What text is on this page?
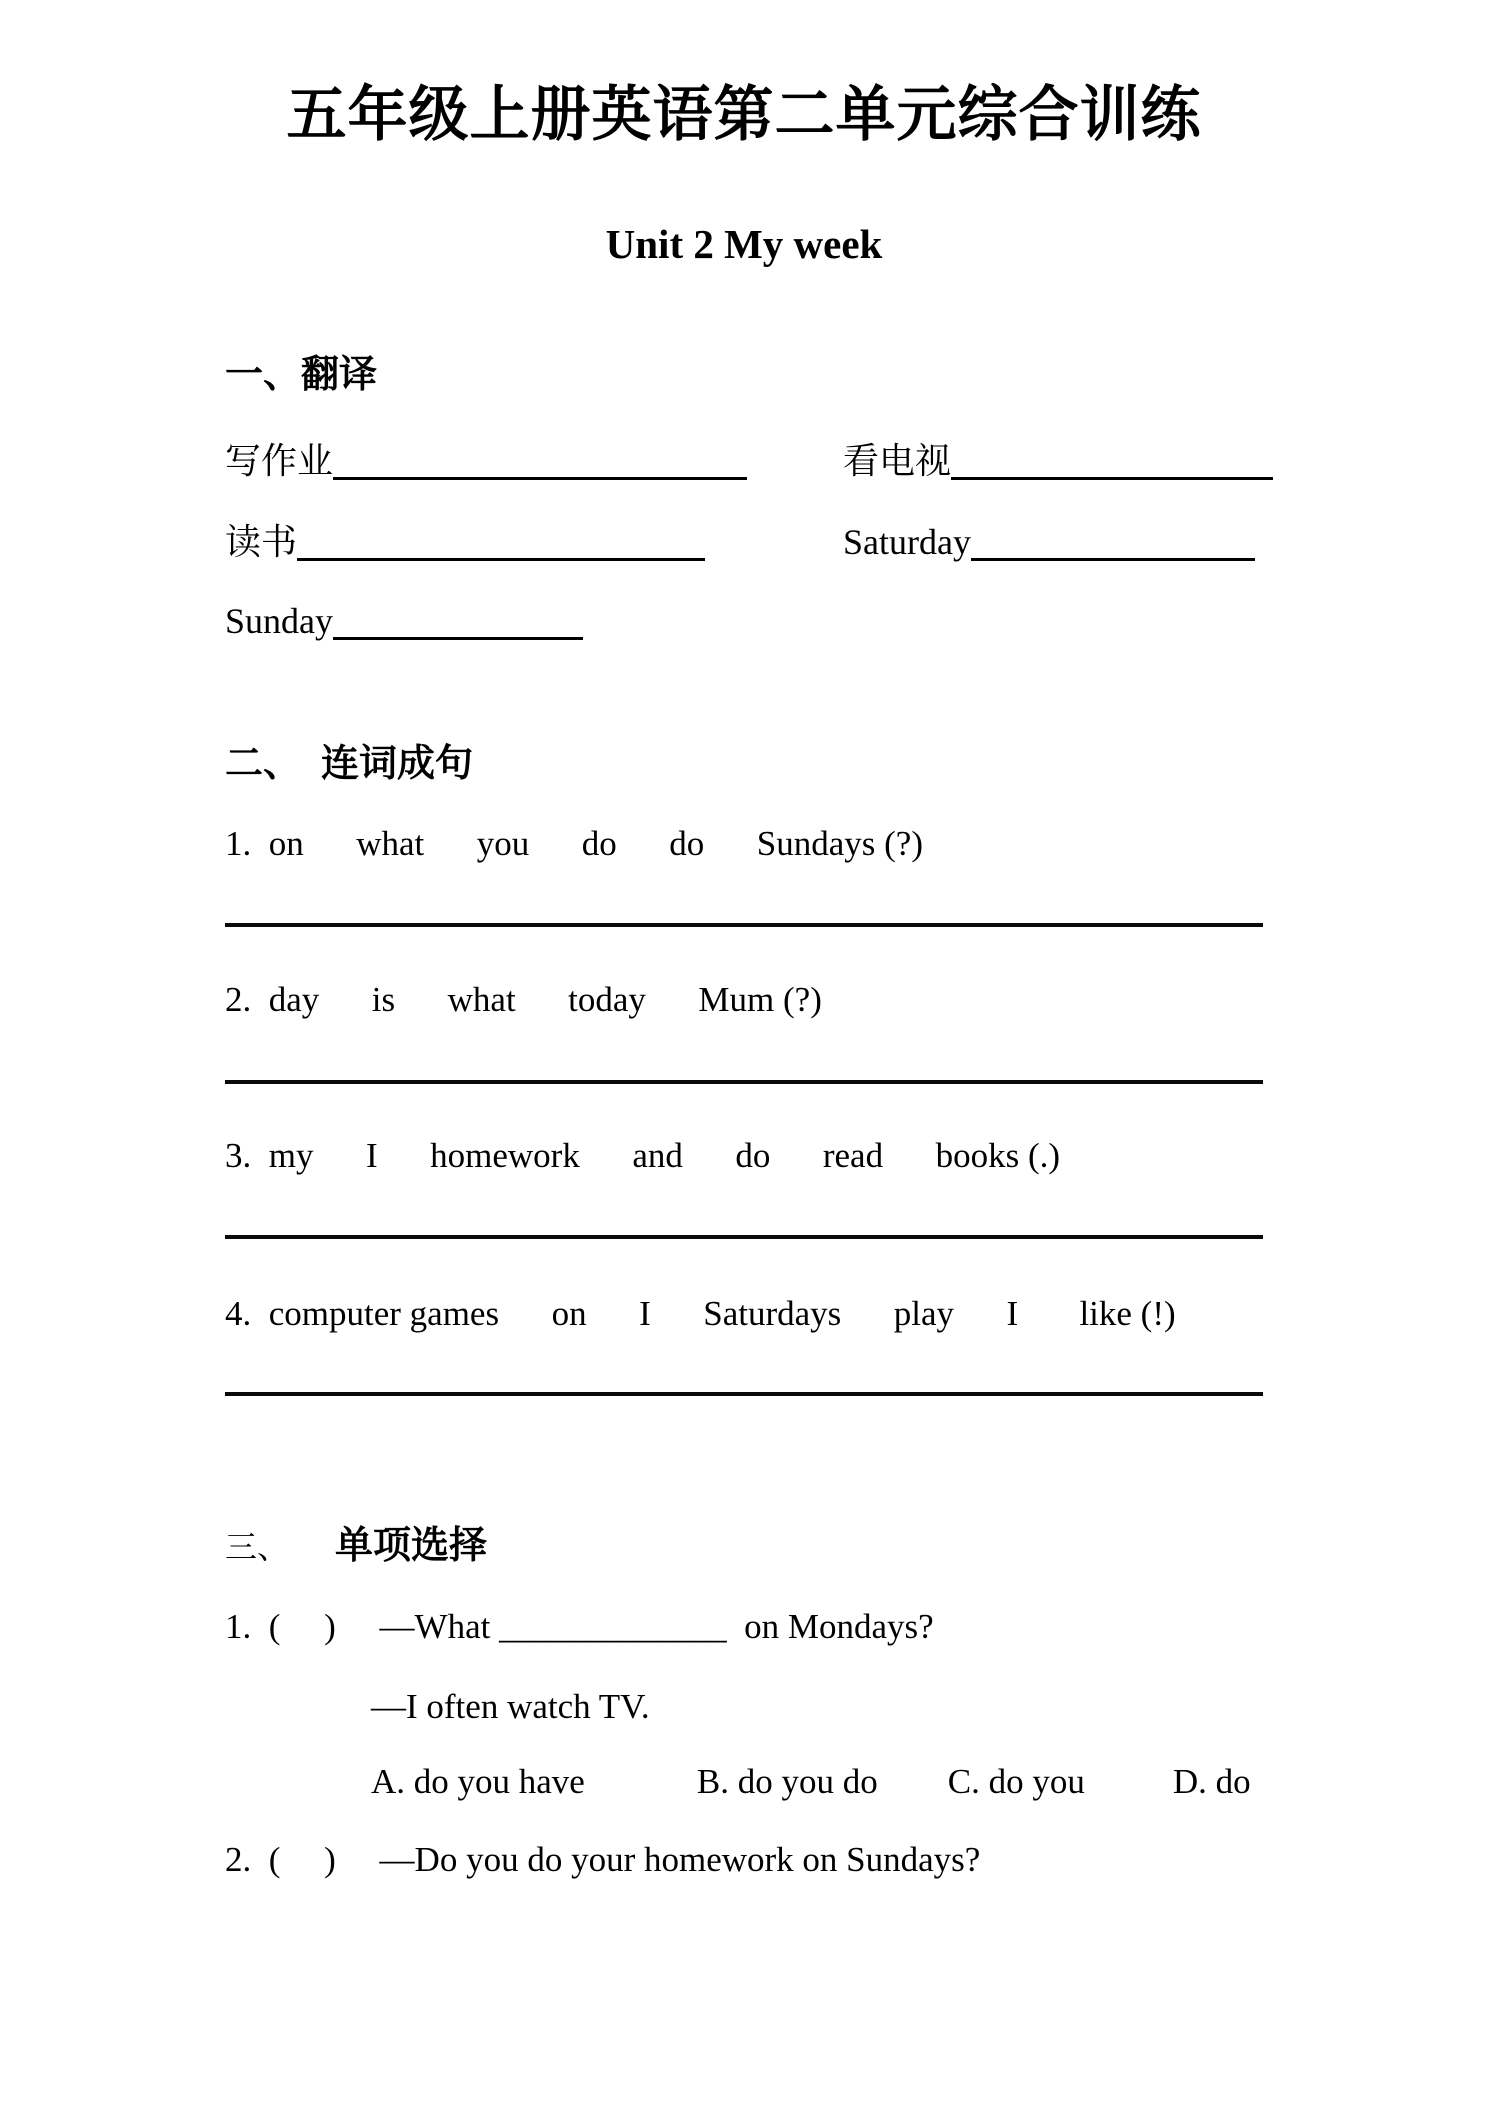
五年级上册英语第二单元综合训练
Unit 2 My week
一、翻译
写作业	看电视
读书	Saturday
Sunday
二、 连词成句

1.  on      what      you      do      do      Sundays (?)

2.  day      is      what      today      Mum (?)

3.  my      I      homework      and      do      read      books (.)

4.  computer games      on      I      Saturdays      play      I       like (!)

三、 单项选择

1.  (     )     —What _____________  on Mondays?

—I often watch TV.

A. do you have	B. do you do C. do you	D. do

2.  (     )     —Do you do your homework on Sundays?
